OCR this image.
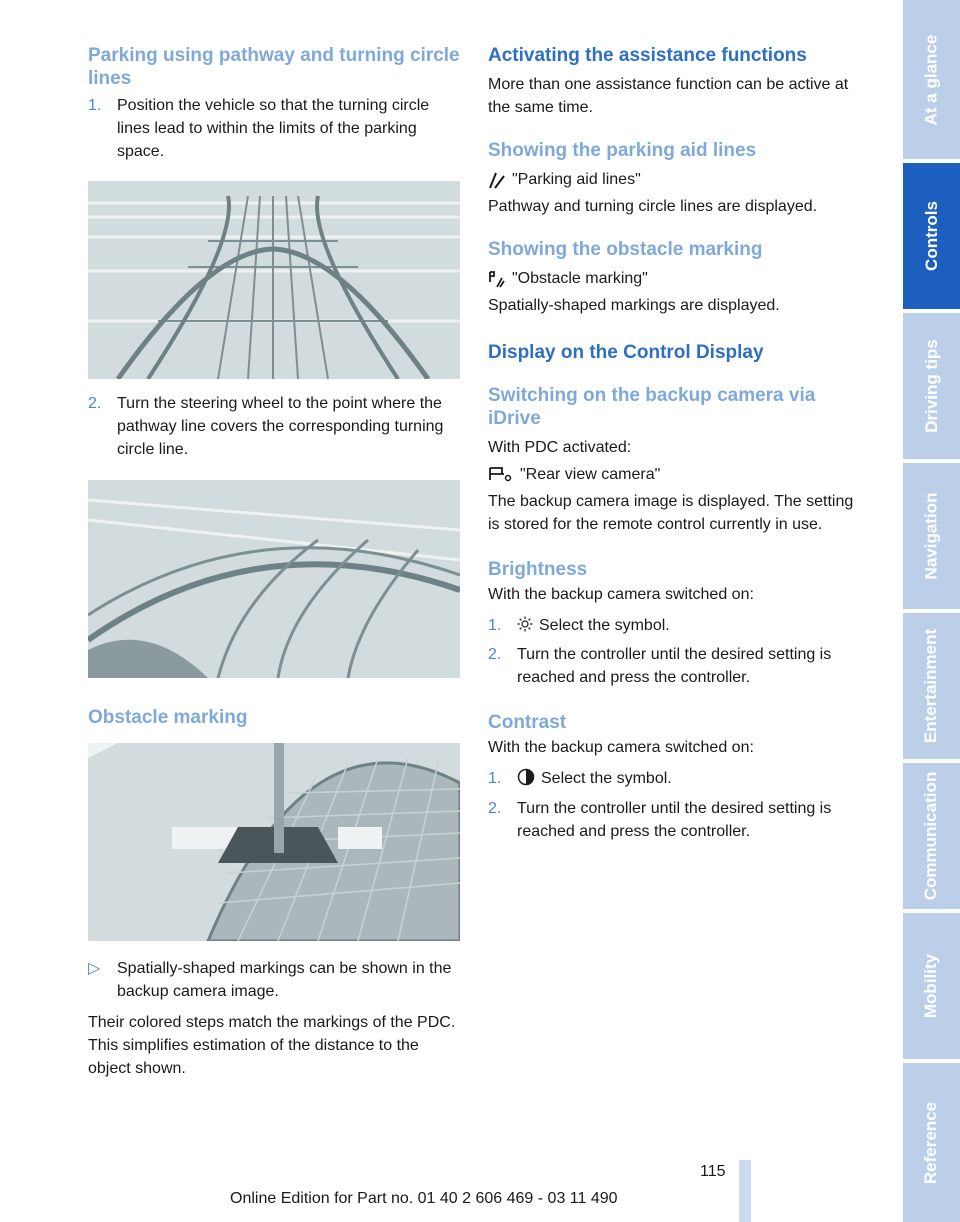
Parking using pathway and turning circle lines
1. Position the vehicle so that the turning circle lines lead to within the limits of the parking space.
2. Turn the steering wheel to the point where the pathway line covers the corresponding turning circle line.
Obstacle marking
▷	Spatially-shaped markings can be shown in the backup camera image.

Their colored steps match the markings of the PDC. This simplifies estimation of the distance to the object shown.

Activating the assistance functions

More than one assistance function can be active at the same time.

Showing the parking aid lines
"Parking aid lines"

Pathway and turning circle lines are displayed.

Showing the obstacle marking
"Obstacle marking"

Spatially-shaped markings are displayed.

Display on the Control Display
Switching on the backup camera via iDrive

With PDC activated:

"Rear view camera"

The backup camera image is displayed. The setting is stored for the remote control currently in use.

Brightness

With the backup camera switched on:

1.	Select the symbol.
2. Turn the controller until the desired setting is reached and press the controller.
Contrast

With the backup camera switched on:

1.	Select the symbol.
2. Turn the controller until the desired setting is reached and press the controller.
At a glance
Controls
Driving tips
Navigation
Entertainment
Communication
Mobility
Reference
115
Online Edition for Part no. 01 40 2 606 469 - 03 11 490
